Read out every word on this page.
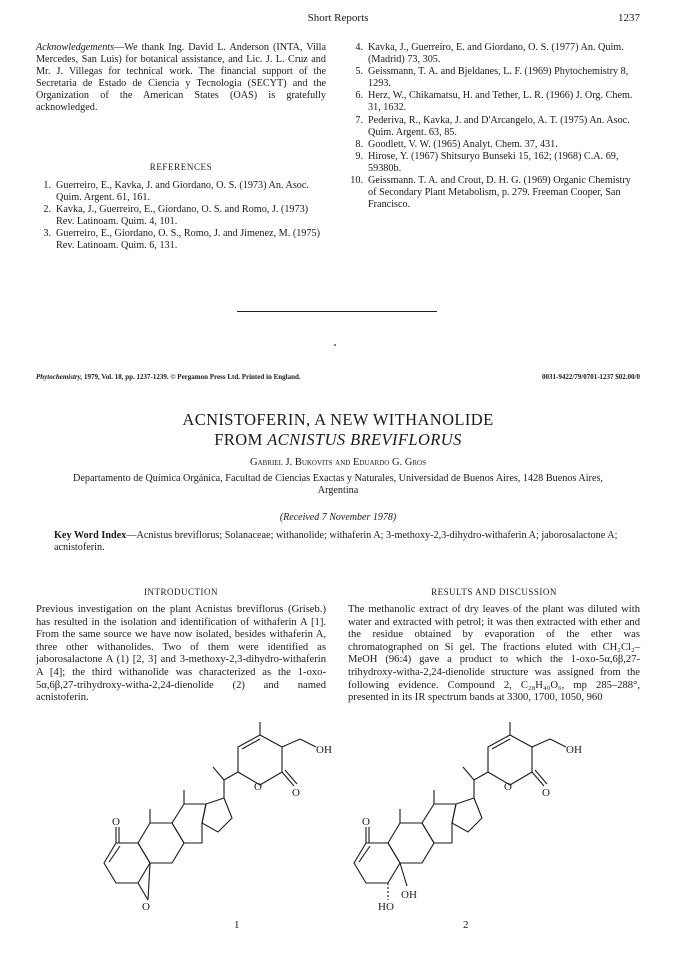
Short Reports	1237
Acknowledgements—We thank Ing. David L. Anderson (INTA, Villa Mercedes, San Luis) for botanical assistance, and Lic. J. L. Cruz and Mr. J. Villegas for technical work. The financial support of the Secretaria de Estado de Ciencia y Tecnologia (SECYT) and the Organization of the American States (OAS) is gratefully acknowledged.
REFERENCES
1. Guerreiro, E., Kavka, J. and Giordano, O. S. (1973) An. Asoc. Quim. Argent. 61, 161.
2. Kavka, J., Guerreiro, E., Giordano, O. S. and Romo, J. (1973) Rev. Latinoam. Quim. 4, 101.
3. Guerreiro, E., Giordano, O. S., Romo, J. and Jimenez, M. (1975) Rev. Latinoam. Quim. 6, 131.
4. Kavka, J., Guerreiro, E. and Giordano, O. S. (1977) An. Quim. (Madrid) 73, 305.
5. Geissmann, T. A. and Bjeldanes, L. F. (1969) Phytochemistry 8, 1293.
6. Herz, W., Chikamatsu, H. and Tether, L. R. (1966) J. Org. Chem. 31, 1632.
7. Pederiva, R., Kavka, J. and D'Arcangelo, A. T. (1975) An. Asoc. Quim. Argent. 63, 85.
8. Goodlett, V. W. (1965) Analyt. Chem. 37, 431.
9. Hirose, Y. (1967) Shitsuryo Bunseki 15, 162; (1968) C.A. 69, 59380b.
10. Geissmann. T. A. and Crout, D. H. G. (1969) Organic Chemistry of Secondary Plant Metabolism, p. 279. Freeman Cooper, San Francisco.
Phytochemistry, 1979, Vol. 18, pp. 1237-1239. © Pergamon Press Ltd. Printed in England.	0031-9422/79/0701-1237 $02.00/0
ACNISTOFERIN, A NEW WITHANOLIDE
FROM ACNISTUS BREVIFLORUS
Gabriel J. Bukovits and Eduardo G. Gros
Departamento de Química Orgánica, Facultad de Ciencias Exactas y Naturales, Universidad de Buenos Aires, 1428 Buenos Aires, Argentina
(Received 7 November 1978)
Key Word Index—Acnistus breviflorus; Solanaceae; withanolide; withaferin A; 3-methoxy-2,3-dihydro-withaferin A; jaborosalactone A; acnistoferin.
INTRODUCTION	RESULTS AND DISCUSSION

Previous investigation on the plant Acnistus breviflorus (Griseb.) has resulted in the isolation and identification of withaferin A [1]. From the same source we have now isolated, besides withaferin A, three other withanolides. Two of them were identified as jaborosalactone A (1) [2, 3] and 3-methoxy-2,3-dihydro-withaferin A [4]; the third withanolide was characterized as the 1-oxo-5α,6β,27-trihydroxy-witha-2,24-dienolide (2) and named acnistoferin.

The methanolic extract of dry leaves of the plant was diluted with water and extracted with petrol; it was then extracted with ether and the residue obtained by evaporation of the ether was chromatographed on Si gel. The fractions eluted with CH₂Cl₂–MeOH (96:4) gave a product to which the 1-oxo-5α,6β,27-trihydroxy-witha-2,24-dienolide structure was assigned from the following evidence. Compound 2, C₂₈H₄₀O₆, mp 285–288°, presented in its IR spectrum bands at 3300, 1700, 1050, 960

OH
O	O
O
O
1
OH
O	O
O
HO
OH
2
